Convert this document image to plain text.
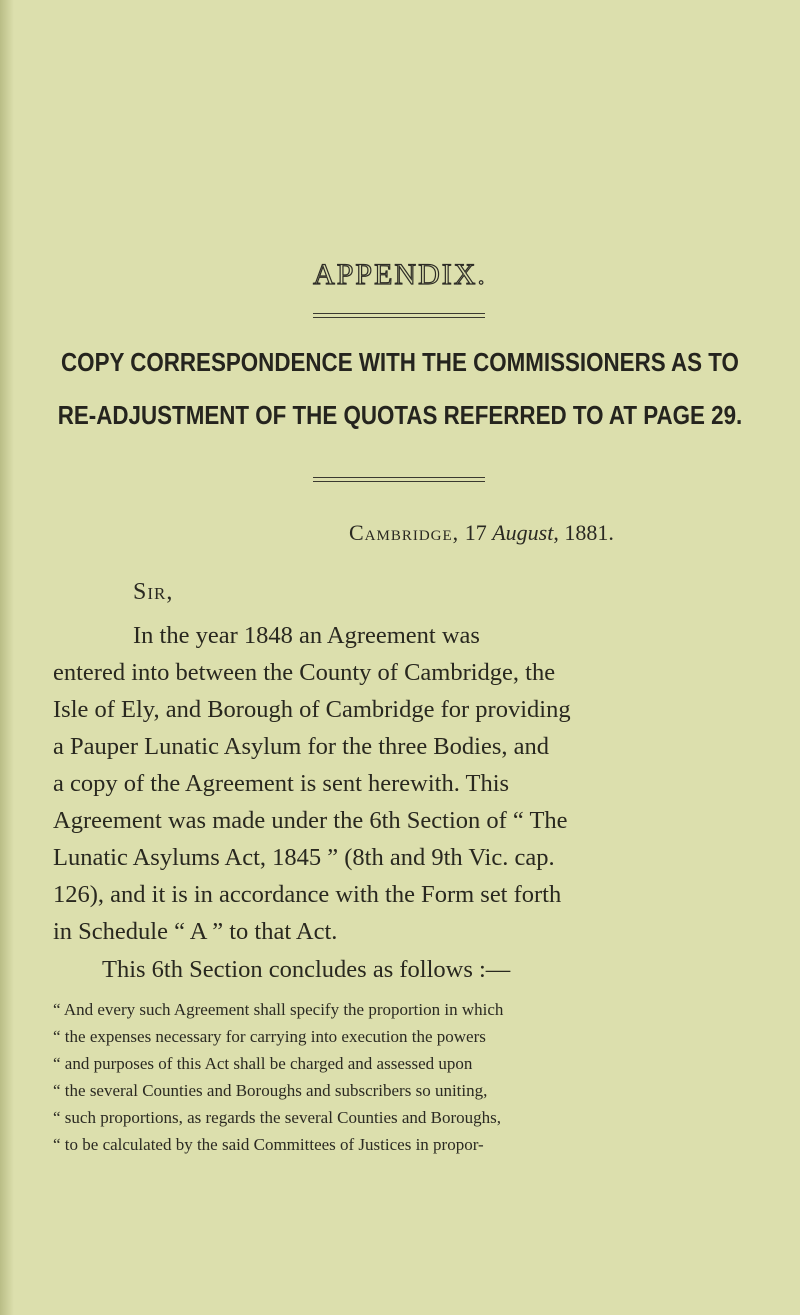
APPENDIX.
COPY CORRESPONDENCE WITH THE COMMISSIONERS AS TO
RE-ADJUSTMENT OF THE QUOTAS REFERRED TO AT PAGE 29.
Cambridge, 17 August, 1881.
Sir,
In the year 1848 an Agreement was
entered into between the County of Cambridge, the
Isle of Ely, and Borough of Cambridge for providing
a Pauper Lunatic Asylum for the three Bodies, and
a copy of the Agreement is sent herewith. This
Agreement was made under the 6th Section of “ The
Lunatic Asylums Act, 1845 ” (8th and 9th Vic. cap.
126), and it is in accordance with the Form set forth
in Schedule “ A ” to that Act.
This 6th Section concludes as follows :—
“ And every such Agreement shall specify the proportion in which
“ the expenses necessary for carrying into execution the powers
“ and purposes of this Act shall be charged and assessed upon
“ the several Counties and Boroughs and subscribers so uniting,
“ such proportions, as regards the several Counties and Boroughs,
“ to be calculated by the said Committees of Justices in propor-
